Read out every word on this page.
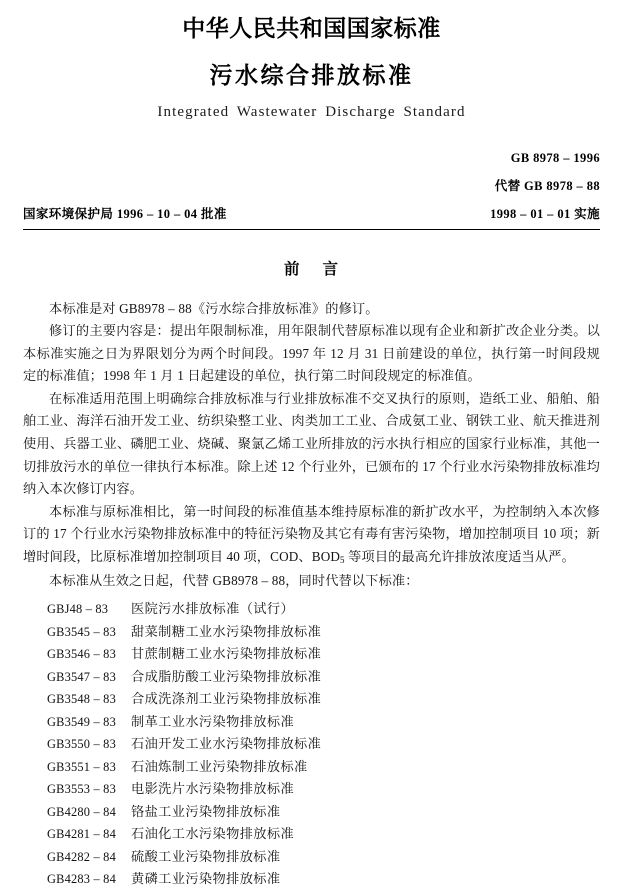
中华人民共和国国家标准
污水综合排放标准
Integrated Wastewater Discharge Standard
GB 8978 – 1996
代替 GB 8978 – 88
国家环境保护局 1996 – 10 – 04 批准	1998 – 01 – 01 实施
前 言

本标准是对 GB8978 – 88《污水综合排放标准》的修订。

修订的主要内容是：提出年限制标准，用年限制代替原标准以现有企业和新扩改企业分类。以本标准实施之日为界限划分为两个时间段。1997 年 12 月 31 日前建设的单位，执行第一时间段规定的标准值；1998 年 1 月 1 日起建设的单位，执行第二时间段规定的标准值。

在标准适用范围上明确综合排放标准与行业排放标准不交叉执行的原则，造纸工业、船舶、船舶工业、海洋石油开发工业、纺织染整工业、肉类加工工业、合成氨工业、钢铁工业、航天推进剂使用、兵器工业、磷肥工业、烧碱、聚氯乙烯工业所排放的污水执行相应的国家行业标准，其他一切排放污水的单位一律执行本标准。除上述 12 个行业外，已颁布的 17 个行业水污染物排放标准均纳入本次修订内容。

本标准与原标准相比，第一时间段的标准值基本维持原标准的新扩改水平，为控制纳入本次修订的 17 个行业水污染物排放标准中的特征污染物及其它有毒有害污染物，增加控制项目 10 项；新增时间段，比原标准增加控制项目 40 项，COD、$BOD_5$ 等项目的最高允许排放浓度适当从严。

本标准从生效之日起，代替 GB8978 – 88，同时代替以下标准：

GBJ48 – 83	医院污水排放标准（试行）
GB3545 – 83	甜菜制糖工业水污染物排放标准
GB3546 – 83	甘蔗制糖工业水污染物排放标准
GB3547 – 83	合成脂肪酸工业污染物排放标准
GB3548 – 83	合成洗涤剂工业污染物排放标准
GB3549 – 83	制革工业水污染物排放标准
GB3550 – 83	石油开发工业水污染物排放标准
GB3551 – 83	石油炼制工业污染物排放标准
GB3553 – 83	电影洗片水污染物排放标准
GB4280 – 84	铬盐工业污染物排放标准
GB4281 – 84	石油化工水污染物排放标准
GB4282 – 84	硫酸工业污染物排放标准
GB4283 – 84	黄磷工业污染物排放标准
